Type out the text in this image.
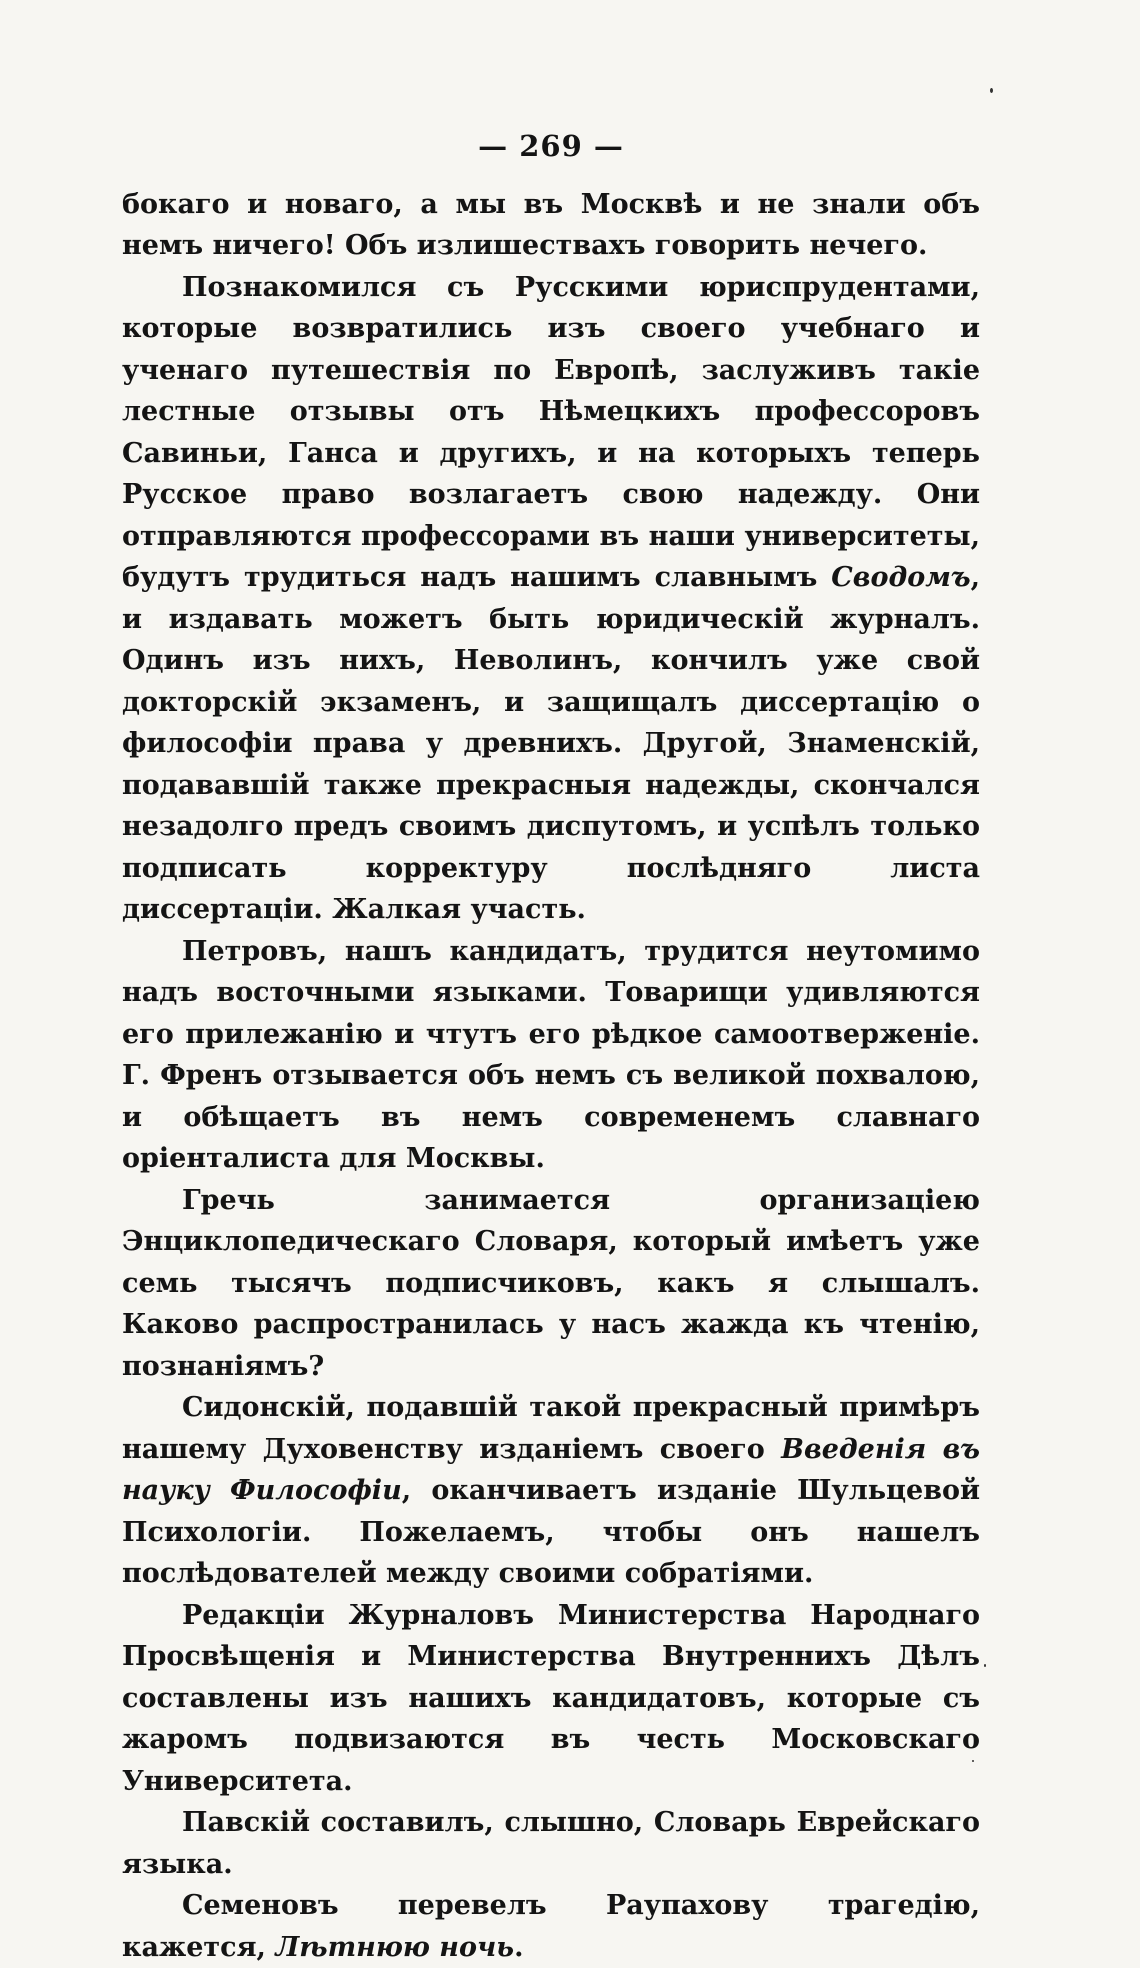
— 269 —

бокаго и новаго, а мы въ Москвѣ и не знали объ немъ ничего! Объ излишествахъ говорить нечего.

Познакомился съ Русскими юриспрудентами, которые возвратились изъ своего учебнаго и ученаго путешествія по Европѣ, заслуживъ такіе лестные отзывы отъ Нѣмецкихъ профессоровъ Савиньи, Ганса и другихъ, и на которыхъ теперь Русское право возлагаетъ свою надежду. Они отправляются профессорами въ наши университеты, будутъ трудиться надъ нашимъ славнымъ Сводомъ, и издавать можетъ быть юридическій журналъ. Одинъ изъ нихъ, Неволинъ, кончилъ уже свой докторскій экзаменъ, и защищалъ диссертацію о философіи права у древнихъ. Другой, Знаменскій, подававшій также прекрасныя надежды, скончался незадолго предъ своимъ диспутомъ, и успѣлъ только подписать корректуру послѣдняго листа диссертаціи. Жалкая участь.

Петровъ, нашъ кандидатъ, трудится неутомимо надъ восточными языками. Товарищи удивляются его прилежанію и чтутъ его рѣдкое самоотверженіе. Г. Френъ отзывается объ немъ съ великой похвалою, и обѣщаетъ въ немъ современемъ славнаго оріенталиста для Москвы.

Гречь занимается организаціею Энциклопедическаго Словаря, который имѣетъ уже семь тысячъ подписчиковъ, какъ я слышалъ. Каково распространилась у насъ жажда къ чтенію, познаніямъ?

Сидонскій, подавшій такой прекрасный примѣръ нашему Духовенству изданіемъ своего Введенія въ науку Философіи, оканчиваетъ изданіе Шульцевой Психологіи. Пожелаемъ, чтобы онъ нашелъ послѣдователей между своими собратіями.

Редакціи Журналовъ Министерства Народнаго Просвѣщенія и Министерства Внутреннихъ Дѣлъ составлены изъ нашихъ кандидатовъ, которые съ жаромъ подвизаются въ честь Московскаго Университета.

Павскій составилъ, слышно, Словарь Еврейскаго языка.

Семеновъ перевелъ Раупахову трагедію, кажется, Лѣтнюю ночь.
